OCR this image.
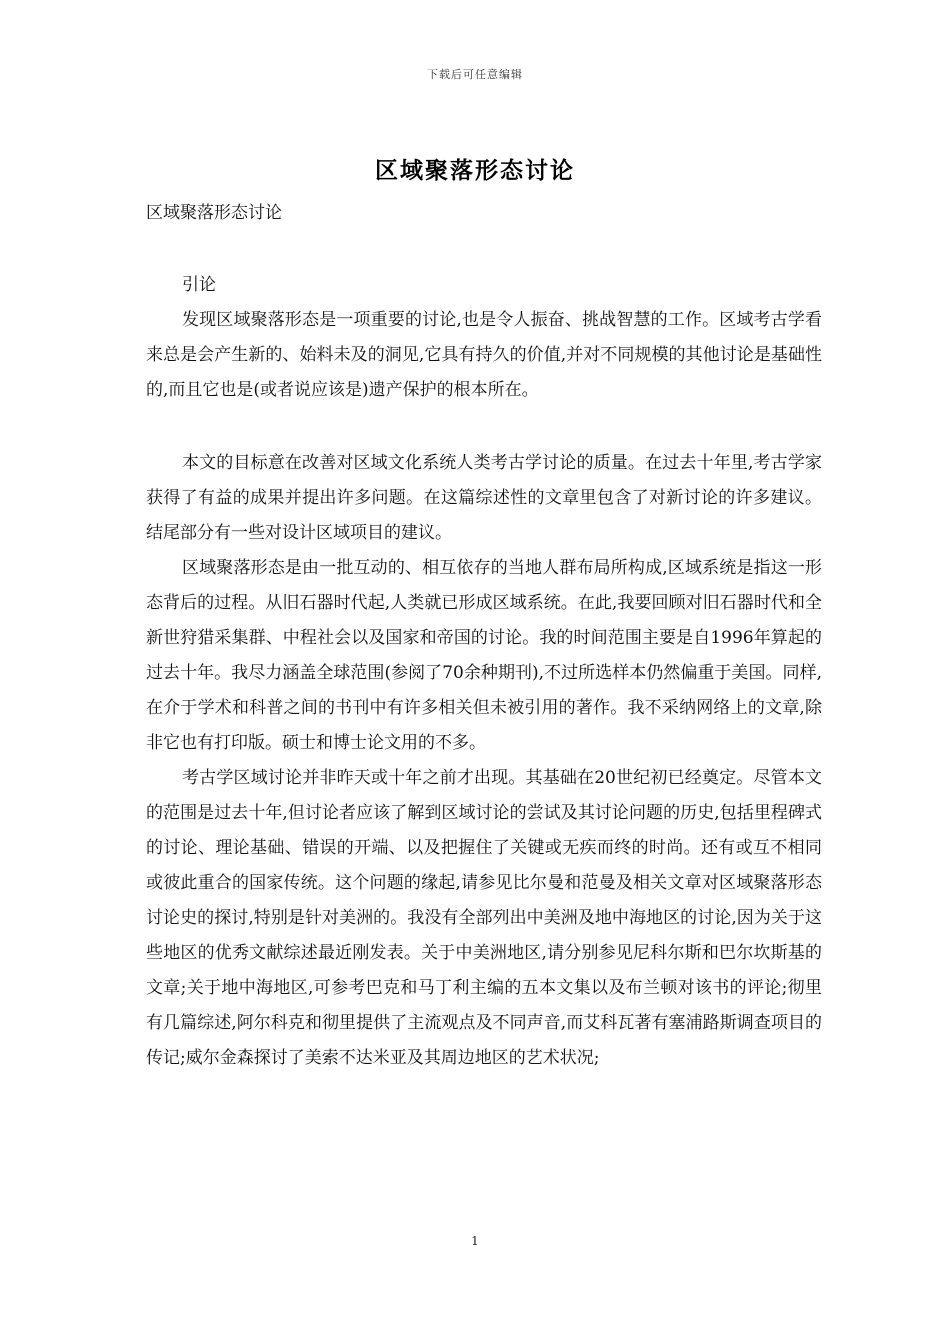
下载后可任意编辑
区域聚落形态讨论

区域聚落形态讨论

引论

发现区域聚落形态是一项重要的讨论,也是令人振奋、挑战智慧的工作。区域考古学看来总是会产生新的、始料未及的洞见,它具有持久的价值,并对不同规模的其他讨论是基础性的,而且它也是(或者说应该是)遗产保护的根本所在。

本文的目标意在改善对区域文化系统人类考古学讨论的质量。在过去十年里,考古学家获得了有益的成果并提出许多问题。在这篇综述性的文章里包含了对新讨论的许多建议。结尾部分有一些对设计区域项目的建议。

区域聚落形态是由一批互动的、相互依存的当地人群布局所构成,区域系统是指这一形态背后的过程。从旧石器时代起,人类就已形成区域系统。在此,我要回顾对旧石器时代和全新世狩猎采集群、中程社会以及国家和帝国的讨论。我的时间范围主要是自1996年算起的过去十年。我尽力涵盖全球范围(参阅了70余种期刊),不过所选样本仍然偏重于美国。同样,在介于学术和科普之间的书刊中有许多相关但未被引用的著作。我不采纳网络上的文章,除非它也有打印版。硕士和博士论文用的不多。

考古学区域讨论并非昨天或十年之前才出现。其基础在20世纪初已经奠定。尽管本文的范围是过去十年,但讨论者应该了解到区域讨论的尝试及其讨论问题的历史,包括里程碑式的讨论、理论基础、错误的开端、以及把握住了关键或无疾而终的时尚。还有或互不相同或彼此重合的国家传统。这个问题的缘起,请参见比尔曼和范曼及相关文章对区域聚落形态讨论史的探讨,特别是针对美洲的。我没有全部列出中美洲及地中海地区的讨论,因为关于这些地区的优秀文献综述最近刚发表。关于中美洲地区,请分别参见尼科尔斯和巴尔坎斯基的文章;关于地中海地区,可参考巴克和马丁利主编的五本文集以及布兰顿对该书的评论;彻里有几篇综述,阿尔科克和彻里提供了主流观点及不同声音,而艾科瓦著有塞浦路斯调查项目的传记;威尔金森探讨了美索不达米亚及其周边地区的艺术状况;

1
